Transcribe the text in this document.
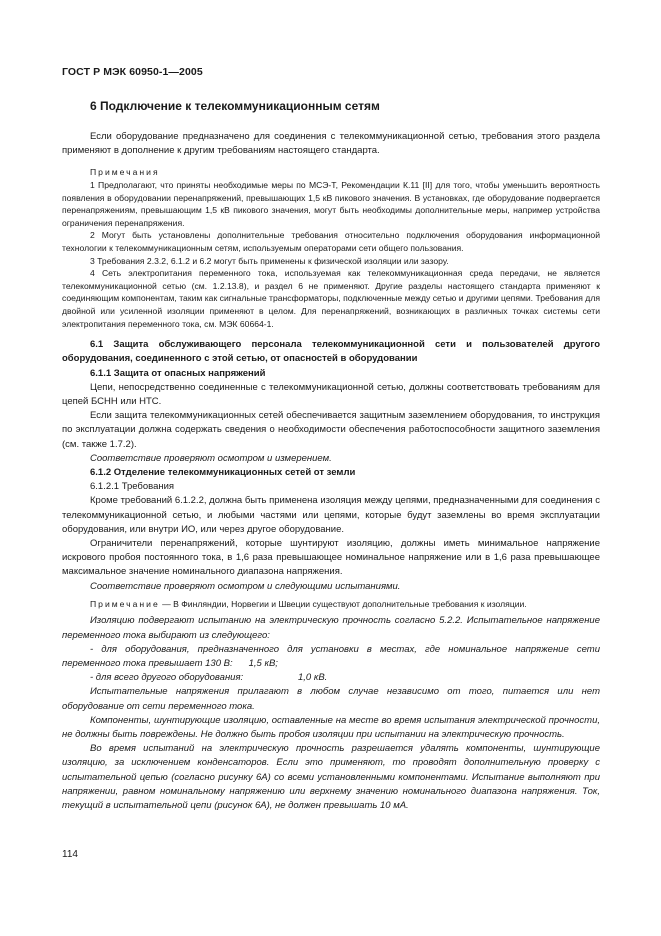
ГОСТ Р МЭК 60950-1—2005
6 Подключение к телекоммуникационным сетям

Если оборудование предназначено для соединения с телекоммуникационной сетью, требования этого раздела применяют в дополнение к другим требованиям настоящего стандарта.

Примечания

1 Предполагают, что приняты необходимые меры по МСЭ-Т, Рекомендации К.11 [II] для того, чтобы уменьшить вероятность появления в оборудовании перенапряжений, превышающих 1,5 кВ пикового значения. В установках, где оборудование подвергается перенапряжениям, превышающим 1,5 кВ пикового значения, могут быть необходимы дополнительные меры, например устройства ограничения перенапряжения.

2 Могут быть установлены дополнительные требования относительно подключения оборудования информационной технологии к телекоммуникационным сетям, используемым операторами сети общего пользования.

3 Требования 2.3.2, 6.1.2 и 6.2 могут быть применены к физической изоляции или зазору.

4 Сеть электропитания переменного тока, используемая как телекоммуникационная среда передачи, не является телекоммуникационной сетью (см. 1.2.13.8), и раздел 6 не применяют. Другие разделы настоящего стандарта применяют к соединяющим компонентам, таким как сигнальные трансформаторы, подключенные между сетью и другими цепями. Требования для двойной или усиленной изоляции применяют в целом. Для перенапряжений, возникающих в различных точках системы сети электропитания переменного тока, см. МЭК 60664-1.

6.1 Защита обслуживающего персонала телекоммуникационной сети и пользователей другого оборудования, соединенного с этой сетью, от опасностей в оборудовании

6.1.1 Защита от опасных напряжений

Цепи, непосредственно соединенные с телекоммуникационной сетью, должны соответствовать требованиям для цепей БСНН или НТС.

Если защита телекоммуникационных сетей обеспечивается защитным заземлением оборудования, то инструкция по эксплуатации должна содержать сведения о необходимости обеспечения работоспособности защитного заземления (см. также 1.7.2).

Соответствие проверяют осмотром и измерением.

6.1.2 Отделение телекоммуникационных сетей от земли

6.1.2.1 Требования

Кроме требований 6.1.2.2, должна быть применена изоляция между цепями, предназначенными для соединения с телекоммуникационной сетью, и любыми частями или цепями, которые будут заземлены во время эксплуатации оборудования, или внутри ИО, или через другое оборудование.

Ограничители перенапряжений, которые шунтируют изоляцию, должны иметь минимальное напряжение искрового пробоя постоянного тока, в 1,6 раза превышающее номинальное напряжение или в 1,6 раза превышающее максимальное значение номинального диапазона напряжения.

Соответствие проверяют осмотром и следующими испытаниями.

Примечание — В Финляндии, Норвегии и Швеции существуют дополнительные требования к изоляции.

Изоляцию подвергают испытанию на электрическую прочность согласно 5.2.2. Испытательное напряжение переменного тока выбирают из следующего:

- для оборудования, предназначенного для установки в местах, где номинальное напряжение сети переменного тока превышает 130 В: 1,5 кВ;

- для всего другого оборудования:	1,0 кВ.

Испытательные напряжения прилагают в любом случае независимо от того, питается или нет оборудование от сети переменного тока.

Компоненты, шунтирующие изоляцию, оставленные на месте во время испытания электрической прочности, не должны быть повреждены. Не должно быть пробоя изоляции при испытании на электрическую прочность.

Во время испытаний на электрическую прочность разрешается удалять компоненты, шунтирующие изоляцию, за исключением конденсаторов. Если это применяют, то проводят дополнительную проверку с испытательной цепью (согласно рисунку 6А) со всеми установленными компонентами. Испытание выполняют при напряжении, равном номинальному напряжению или верхнему значению номинального диапазона напряжения. Ток, текущий в испытательной цепи (рисунок 6А), не должен превышать 10 мА.

114
